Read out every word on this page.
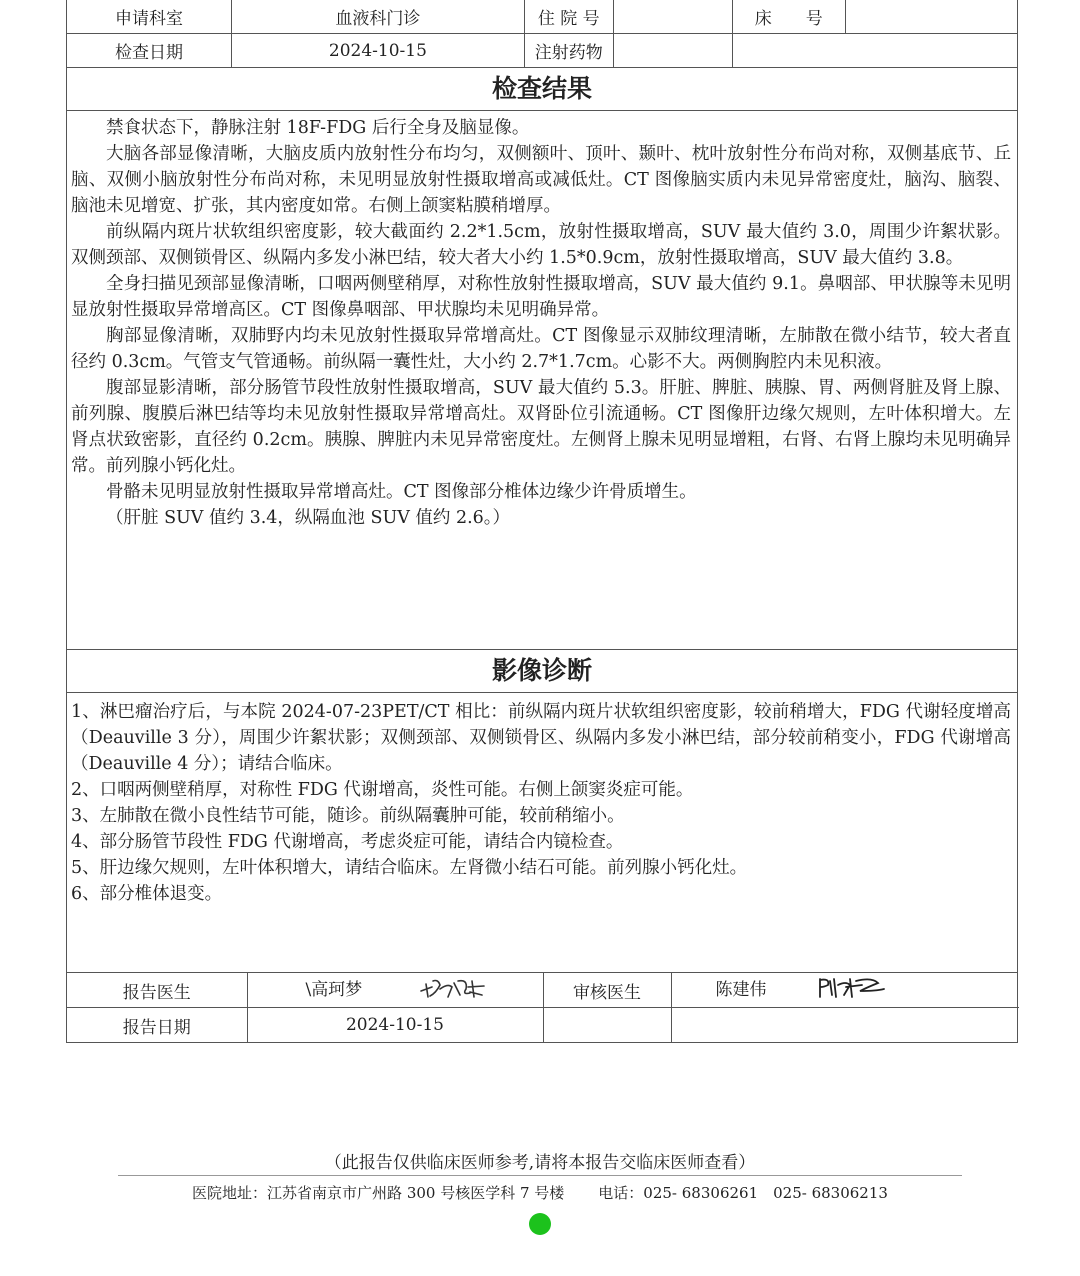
申请科室	血液科门诊	住 院 号		床　　号	
检查日期	2024-10-15	注射药物			
检查结果

禁食状态下，静脉注射 18F-FDG 后行全身及脑显像。

大脑各部显像清晰，大脑皮质内放射性分布均匀，双侧额叶、顶叶、颞叶、枕叶放射性分布尚对称，双侧基底节、丘脑、双侧小脑放射性分布尚对称，未见明显放射性摄取增高或减低灶。CT 图像脑实质内未见异常密度灶，脑沟、脑裂、脑池未见增宽、扩张，其内密度如常。右侧上颌窦粘膜稍增厚。

前纵隔内斑片状软组织密度影，较大截面约 2.2*1.5cm，放射性摄取增高，SUV 最大值约 3.0，周围少许絮状影。双侧颈部、双侧锁骨区、纵隔内多发小淋巴结，较大者大小约 1.5*0.9cm，放射性摄取增高，SUV 最大值约 3.8。

全身扫描见颈部显像清晰，口咽两侧壁稍厚，对称性放射性摄取增高，SUV 最大值约 9.1。鼻咽部、甲状腺等未见明显放射性摄取异常增高区。CT 图像鼻咽部、甲状腺均未见明确异常。

胸部显像清晰，双肺野内均未见放射性摄取异常增高灶。CT 图像显示双肺纹理清晰，左肺散在微小结节，较大者直径约 0.3cm。气管支气管通畅。前纵隔一囊性灶，大小约 2.7*1.7cm。心影不大。两侧胸腔内未见积液。

腹部显影清晰，部分肠管节段性放射性摄取增高，SUV 最大值约 5.3。肝脏、脾脏、胰腺、胃、两侧肾脏及肾上腺、前列腺、腹膜后淋巴结等均未见放射性摄取异常增高灶。双肾卧位引流通畅。CT 图像肝边缘欠规则，左叶体积增大。左肾点状致密影，直径约 0.2cm。胰腺、脾脏内未见异常密度灶。左侧肾上腺未见明显增粗，右肾、右肾上腺均未见明确异常。前列腺小钙化灶。

骨骼未见明显放射性摄取异常增高灶。CT 图像部分椎体边缘少许骨质增生。

（肝脏 SUV 值约 3.4，纵隔血池 SUV 值约 2.6。）

影像诊断

1、淋巴瘤治疗后，与本院 2024-07-23PET/CT 相比：前纵隔内斑片状软组织密度影，较前稍增大，FDG 代谢轻度增高（Deauville 3 分），周围少许絮状影；双侧颈部、双侧锁骨区、纵隔内多发小淋巴结，部分较前稍变小，FDG 代谢增高（Deauville 4 分）；请结合临床。

2、口咽两侧壁稍厚，对称性 FDG 代谢增高，炎性可能。右侧上颌窦炎症可能。

3、左肺散在微小良性结节可能，随诊。前纵隔囊肿可能，较前稍缩小。

4、部分肠管节段性 FDG 代谢增高，考虑炎症可能，请结合内镜检查。

5、肝边缘欠规则，左叶体积增大，请结合临床。左肾微小结石可能。前列腺小钙化灶。

6、部分椎体退变。

报告医生	\高珂梦	审核医生	陈建伟
报告日期	2024-10-15		
（此报告仅供临床医师参考,请将本报告交临床医师查看）
医院地址：江苏省南京市广州路 300 号核医学科 7 号楼 电话：025- 68306261　025- 68306213
